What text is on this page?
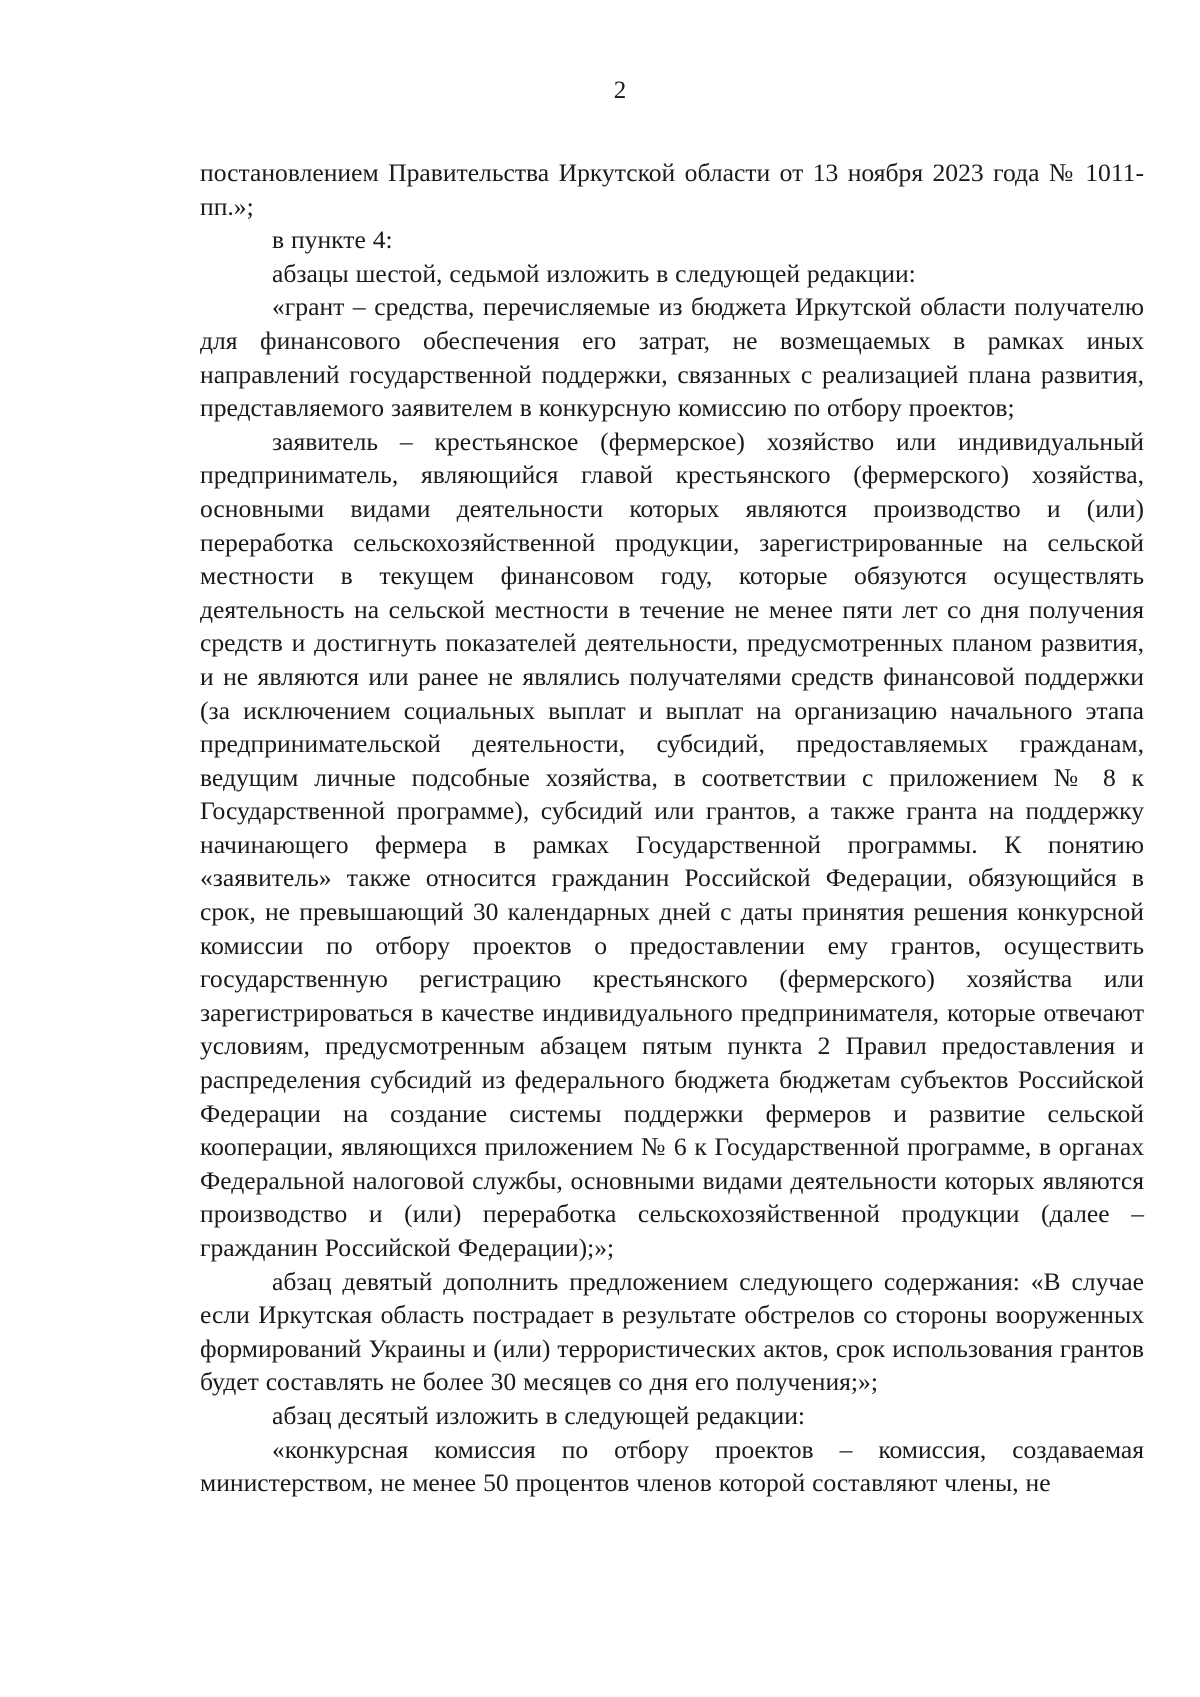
2

постановлением Правительства Иркутской области от 13 ноября 2023 года № 1011-пп.»;

в пункте 4:

абзацы шестой, седьмой изложить в следующей редакции:

«грант – средства, перечисляемые из бюджета Иркутской области получателю для финансового обеспечения его затрат, не возмещаемых в рамках иных направлений государственной поддержки, связанных с реализацией плана развития, представляемого заявителем в конкурсную комиссию по отбору проектов;

заявитель – крестьянское (фермерское) хозяйство или индивидуальный предприниматель, являющийся главой крестьянского (фермерского) хозяйства, основными видами деятельности которых являются производство и (или) переработка сельскохозяйственной продукции, зарегистрированные на сельской местности в текущем финансовом году, которые обязуются осуществлять деятельность на сельской местности в течение не менее пяти лет со дня получения средств и достигнуть показателей деятельности, предусмотренных планом развития, и не являются или ранее не являлись получателями средств финансовой поддержки (за исключением социальных выплат и выплат на организацию начального этапа предпринимательской деятельности, субсидий, предоставляемых гражданам, ведущим личные подсобные хозяйства, в соответствии с приложением № 8 к Государственной программе), субсидий или грантов, а также гранта на поддержку начинающего фермера в рамках Государственной программы. К понятию «заявитель» также относится гражданин Российской Федерации, обязующийся в срок, не превышающий 30 календарных дней с даты принятия решения конкурсной комиссии по отбору проектов о предоставлении ему грантов, осуществить государственную регистрацию крестьянского (фермерского) хозяйства или зарегистрироваться в качестве индивидуального предпринимателя, которые отвечают условиям, предусмотренным абзацем пятым пункта 2 Правил предоставления и распределения субсидий из федерального бюджета бюджетам субъектов Российской Федерации на создание системы поддержки фермеров и развитие сельской кооперации, являющихся приложением № 6 к Государственной программе, в органах Федеральной налоговой службы, основными видами деятельности которых являются производство и (или) переработка сельскохозяйственной продукции (далее – гражданин Российской Федерации);»;

абзац девятый дополнить предложением следующего содержания: «В случае если Иркутская область пострадает в результате обстрелов со стороны вооруженных формирований Украины и (или) террористических актов, срок использования грантов будет составлять не более 30 месяцев со дня его получения;»;

абзац десятый изложить в следующей редакции:

«конкурсная комиссия по отбору проектов – комиссия, создаваемая министерством, не менее 50 процентов членов которой составляют члены, не
